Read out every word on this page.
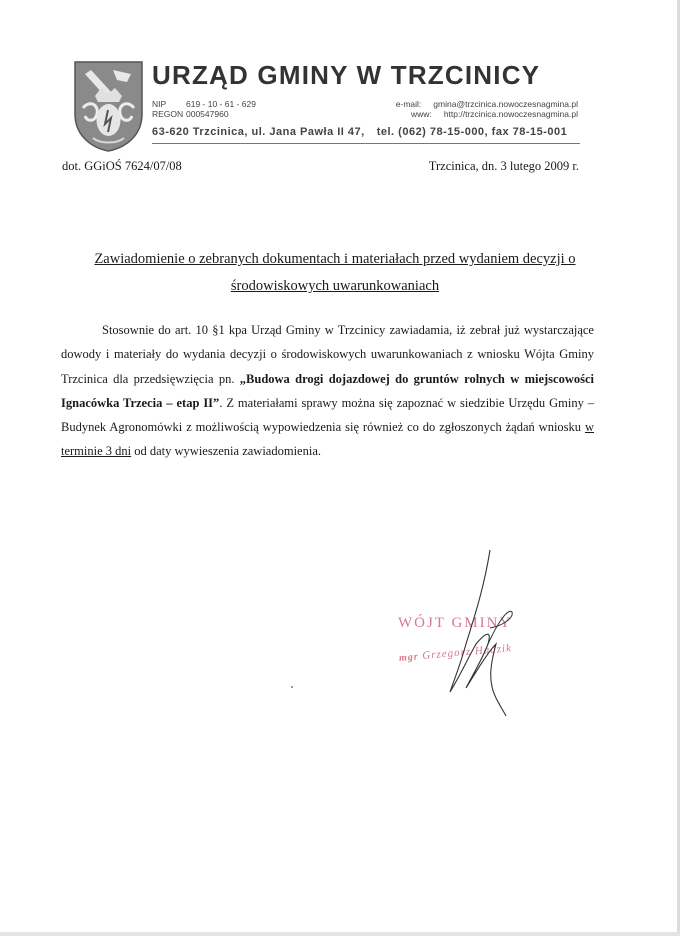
URZĄD GMINY W TRZCINICY
NIP 619 - 10 - 61 - 629
REGON 000547960
e-mail: gmina@trzcinica.nowoczesnagmina.pl
www: http://trzcinica.nowoczesnagmina.pl
63-620 Trzcinica, ul. Jana Pawła II 47, tel. (062) 78-15-000, fax 78-15-001
dot. GGiOŚ 7624/07/08	Trzcinica, dn. 3 lutego 2009 r.
Zawiadomienie o zebranych dokumentach i materiałach przed wydaniem decyzji o środowiskowych uwarunkowaniach
Stosownie do art. 10 §1 kpa Urząd Gminy w Trzcinicy zawiadamia, iż zebrał już wystarczające dowody i materiały do wydania decyzji o środowiskowych uwarunkowaniach z wniosku Wójta Gminy Trzcinica dla przedsięwzięcia pn. „Budowa drogi dojazdowej do gruntów rolnych w miejscowości Ignacówka Trzecia – etap II”. Z materiałami sprawy można się zapoznać w siedzibie Urzędu Gminy – Budynek Agronomówki z możliwością wypowiedzenia się również co do zgłoszonych żądań wniosku w terminie 3 dni od daty wywieszenia zawiadomienia.
WÓJT GMINY
mgr Grzegorz Hadzik
